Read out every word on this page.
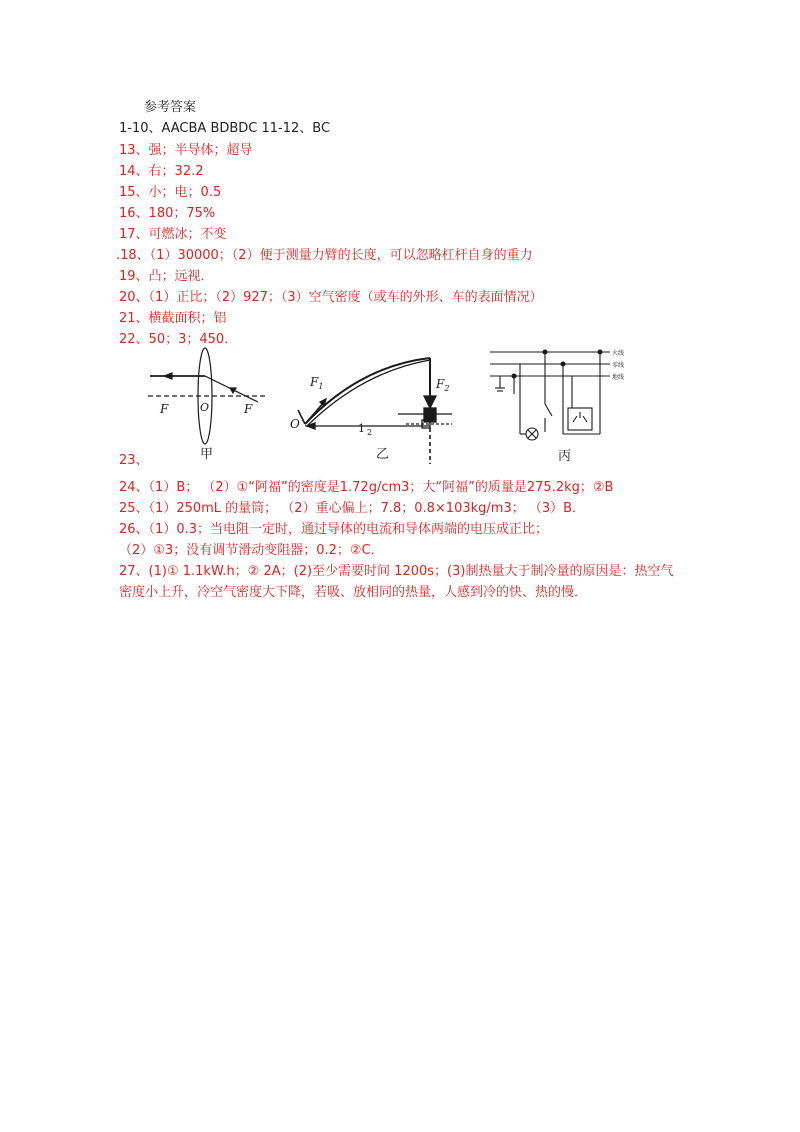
参考答案
1-10、AACBA BDBDC 11-12、BC
13、强；半导体；超导
14、右；32.2
15、小；电；0.5
16、180；75%
17、可燃冰；不变
.18、（1）30000；（2）便于测量力臂的长度，可以忽略杠杆自身的重力
19、凸；远视．
20、（1）正比；（2）927；（3）空气密度（或车的外形、车的表面情况）
21、横截面积；铝
22、50；3；450．
F	O	F
甲
$F_1$	$F_2$
O	1 $_2$
乙
火线
零线
地线
丙
23、
24、（1）B； （2）①“阿福”的密度是1.72g/cm3；大“阿福”的质量是275.2kg；②B
25、（1）250mL 的量筒； （2）重心偏上；7.8；0.8×103kg/m3； （3）B．
26、（1）0.3；当电阻一定时，通过导体的电流和导体两端的电压成正比；
（2）①3；没有调节滑动变阻器；0.2；②C．
27、(1)① 1.1kW.h；② 2A；(2)至少需要时间 1200s；(3)制热量大于制冷量的原因是：热空气
密度小上升，冷空气密度大下降，若吸、放相同的热量，人感到冷的快、热的慢．
